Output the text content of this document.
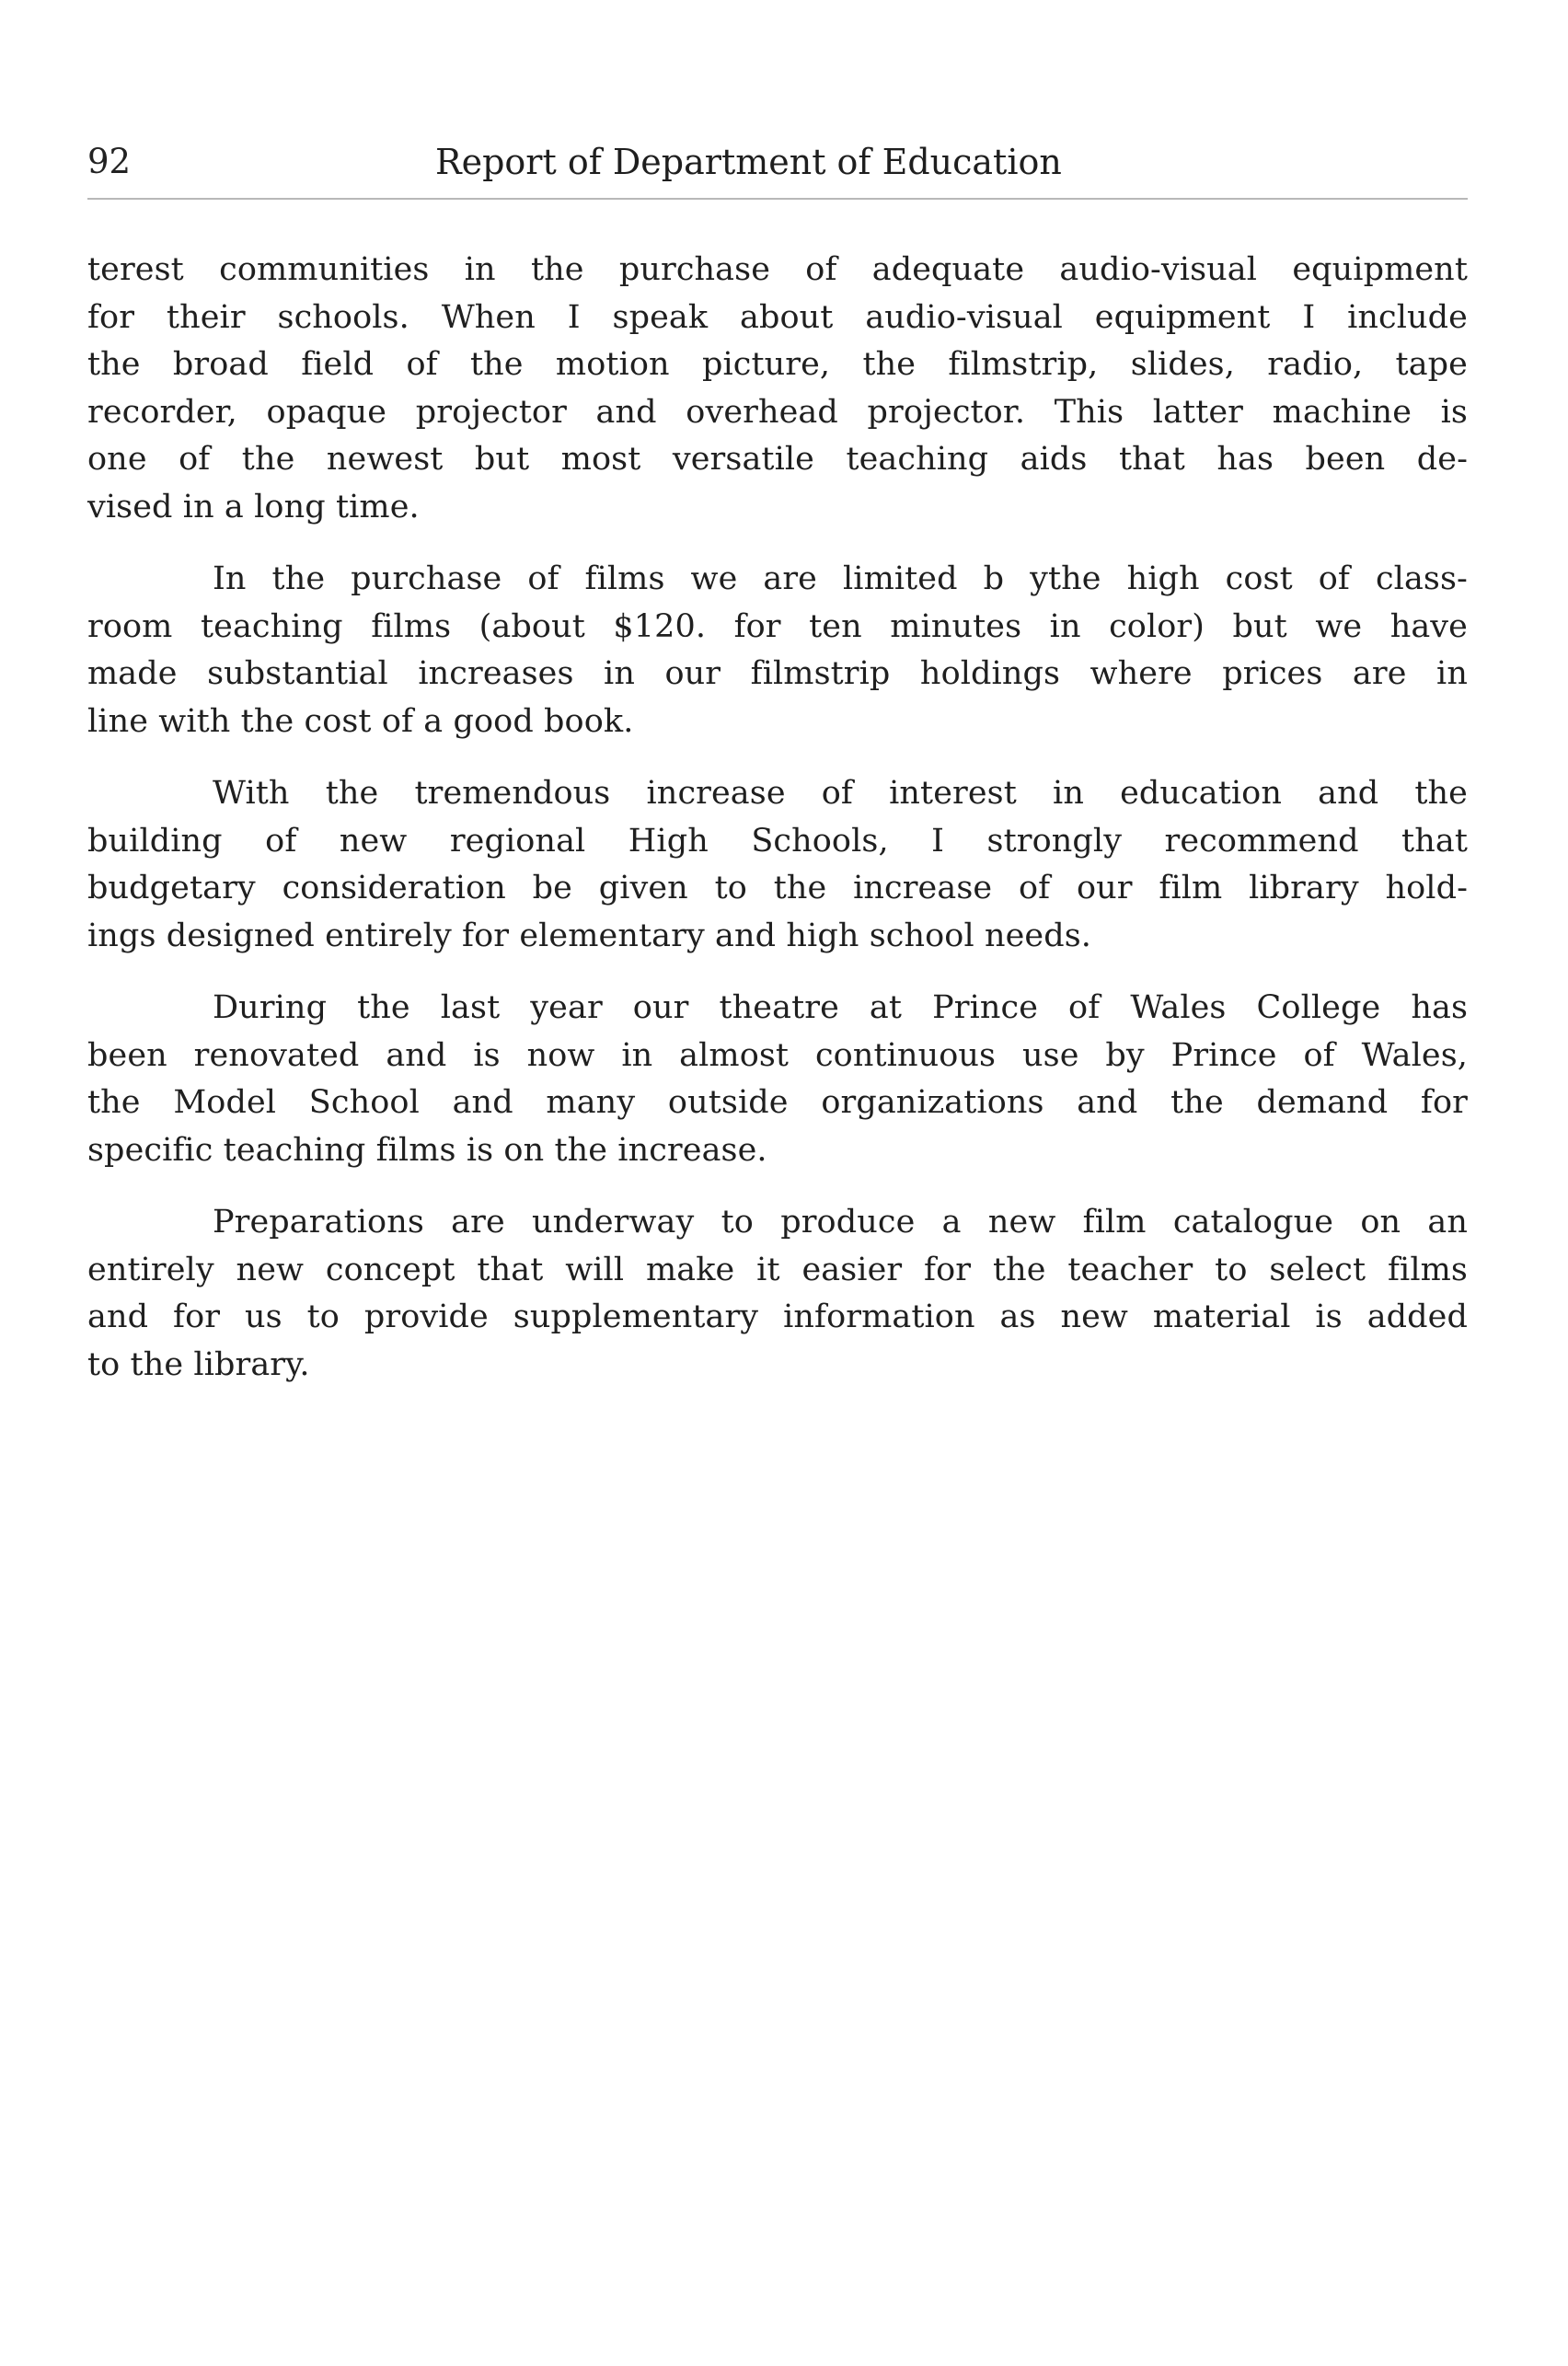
92	Report of Department of Education

terest communities in the purchase of adequate audio-visual equipment
for their schools. When I speak about audio-visual equipment I include
the broad field of the motion picture, the filmstrip, slides, radio, tape
recorder, opaque projector and overhead projector. This latter machine is
one of the newest but most versatile teaching aids that has been de-
vised in a long time.

In the purchase of films we are limited b ythe high cost of class-
room teaching films (about $120. for ten minutes in color) but we have
made substantial increases in our filmstrip holdings where prices are in
line with the cost of a good book.

With the tremendous increase of interest in education and the
building of new regional High Schools, I strongly recommend that
budgetary consideration be given to the increase of our film library hold-
ings designed entirely for elementary and high school needs.

During the last year our theatre at Prince of Wales College has
been renovated and is now in almost continuous use by Prince of Wales,
the Model School and many outside organizations and the demand for
specific teaching films is on the increase.

Preparations are underway to produce a new film catalogue on an
entirely new concept that will make it easier for the teacher to select films
and for us to provide supplementary information as new material is added
to the library.
